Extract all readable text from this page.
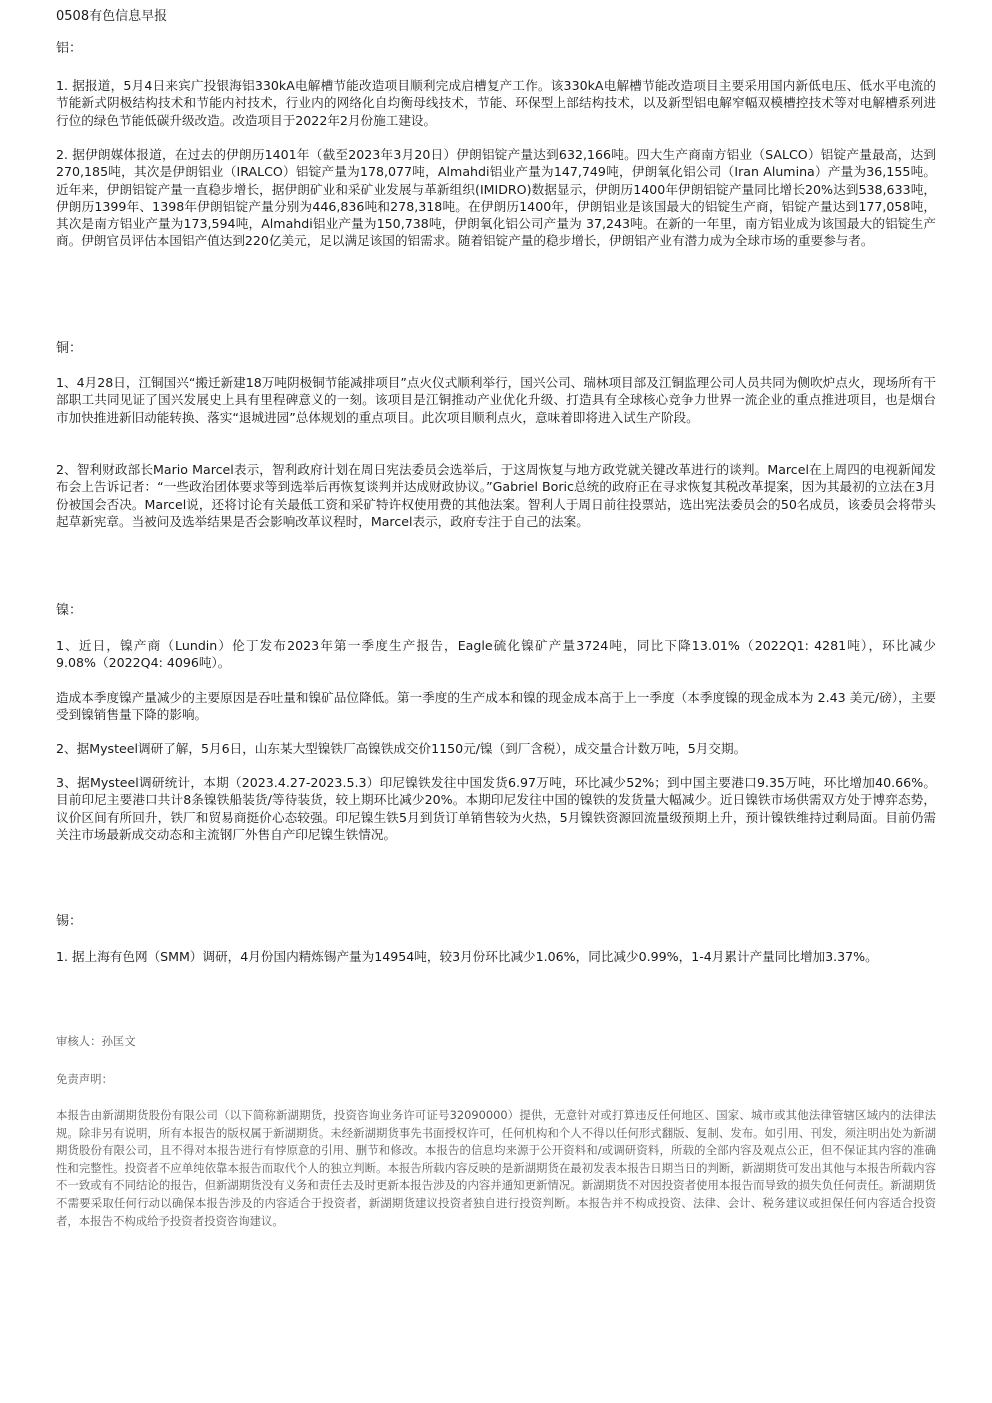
0508有色信息早报
铝：

1. 据报道，5月4日来宾广投银海铝330kA电解槽节能改造项目顺利完成启槽复产工作。该330kA电解槽节能改造项目主要采用国内新低电压、低水平电流的节能新式阴极结构技术和节能内衬技术，行业内的网络化自均衡母线技术，节能、环保型上部结构技术，以及新型铝电解窄幅双模槽控技术等对电解槽系列进行位的绿色节能低碳升级改造。改造项目于2022年2月份施工建设。

2. 据伊朗媒体报道，在过去的伊朗历1401年（截至2023年3月20日）伊朗铝锭产量达到632,166吨。四大生产商南方铝业（SALCO）铝锭产量最高，达到270,185吨，其次是伊朗铝业（IRALCO）铝锭产量为178,077吨，Almahdi铝业产量为147,749吨，伊朗氧化铝公司（Iran Alumina）产量为36,155吨。近年来，伊朗铝锭产量一直稳步增长，据伊朗矿业和采矿业发展与革新组织(IMIDRO)数据显示，伊朗历1400年伊朗铝锭产量同比增长20%达到538,633吨，伊朗历1399年、1398年伊朗铝锭产量分别为446,836吨和278,318吨。在伊朗历1400年，伊朗铝业是该国最大的铝锭生产商，铝锭产量达到177,058吨，其次是南方铝业产量为173,594吨，Almahdi铝业产量为150,738吨，伊朗氧化铝公司产量为 37,243吨。在新的一年里，南方铝业成为该国最大的铝锭生产商。伊朗官员评估本国铝产值达到220亿美元，足以满足该国的铝需求。随着铝锭产量的稳步增长，伊朗铝产业有潜力成为全球市场的重要参与者。

铜：

1、4月28日，江铜国兴“搬迁新建18万吨阴极铜节能减排项目”点火仪式顺利举行，国兴公司、瑞林项目部及江铜监理公司人员共同为侧吹炉点火，现场所有干部职工共同见证了国兴发展史上具有里程碑意义的一刻。该项目是江铜推动产业优化升级、打造具有全球核心竞争力世界一流企业的重点推进项目，也是烟台市加快推进新旧动能转换、落实“退城进园”总体规划的重点项目。此次项目顺利点火，意味着即将进入试生产阶段。

2、智利财政部长Mario Marcel表示，智利政府计划在周日宪法委员会选举后，于这周恢复与地方政党就关键改革进行的谈判。Marcel在上周四的电视新闻发布会上告诉记者：“一些政治团体要求等到选举后再恢复谈判并达成财政协议。”Gabriel Boric总统的政府正在寻求恢复其税改革提案，因为其最初的立法在3月份被国会否决。Marcel说，还将讨论有关最低工资和采矿特许权使用费的其他法案。智利人于周日前往投票站，选出宪法委员会的50名成员，该委员会将带头起草新宪章。当被问及选举结果是否会影响改革议程时，Marcel表示，政府专注于自己的法案。

镍：

1、近日，镍产商（Lundin）伦丁发布2023年第一季度生产报告，Eagle硫化镍矿产量3724吨，同比下降13.01%（2022Q1: 4281吨），环比减少9.08%（2022Q4: 4096吨）。

造成本季度镍产量减少的主要原因是吞吐量和镍矿品位降低。第一季度的生产成本和镍的现金成本高于上一季度（本季度镍的现金成本为 2.43 美元/磅），主要受到镍销售量下降的影响。

2、据Mysteel调研了解，5月6日，山东某大型镍铁厂高镍铁成交价1150元/镍（到厂含税），成交量合计数万吨，5月交期。

3、据Mysteel调研统计，本期（2023.4.27-2023.5.3）印尼镍铁发往中国发货6.97万吨，环比减少52%；到中国主要港口9.35万吨，环比增加40.66%。目前印尼主要港口共计8条镍铁船装货/等待装货，较上期环比减少20%。本期印尼发往中国的镍铁的发货量大幅减少。近日镍铁市场供需双方处于博弈态势，议价区间有所回升，铁厂和贸易商挺价心态较强。印尼镍生铁5月到货订单销售较为火热，5月镍铁资源回流量级预期上升，预计镍铁维持过剩局面。目前仍需关注市场最新成交动态和主流钢厂外售自产印尼镍生铁情况。

锡：

1. 据上海有色网（SMM）调研，4月份国内精炼锡产量为14954吨，较3月份环比减少1.06%，同比减少0.99%，1-4月累计产量同比增加3.37%。

审核人：孙匡文
免责声明：

本报告由新湖期货股份有限公司（以下简称新湖期货，投资咨询业务许可证号32090000）提供，无意针对或打算违反任何地区、国家、城市或其他法律管辖区域内的法律法规。除非另有说明，所有本报告的版权属于新湖期货。未经新湖期货事先书面授权许可，任何机构和个人不得以任何形式翻版、复制、发布。如引用、刊发，须注明出处为新湖期货股份有限公司，且不得对本报告进行有悖原意的引用、删节和修改。本报告的信息均来源于公开资料和/或调研资料，所载的全部内容及观点公正，但不保证其内容的准确性和完整性。投资者不应单纯依靠本报告而取代个人的独立判断。本报告所载内容反映的是新湖期货在最初发表本报告日期当日的判断，新湖期货可发出其他与本报告所载内容不一致或有不同结论的报告，但新湖期货没有义务和责任去及时更新本报告涉及的内容并通知更新情况。新湖期货不对因投资者使用本报告而导致的损失负任何责任。新湖期货不需要采取任何行动以确保本报告涉及的内容适合于投资者，新湖期货建议投资者独自进行投资判断。本报告并不构成投资、法律、会计、税务建议或担保任何内容适合投资者，本报告不构成给予投资者投资咨询建议。
